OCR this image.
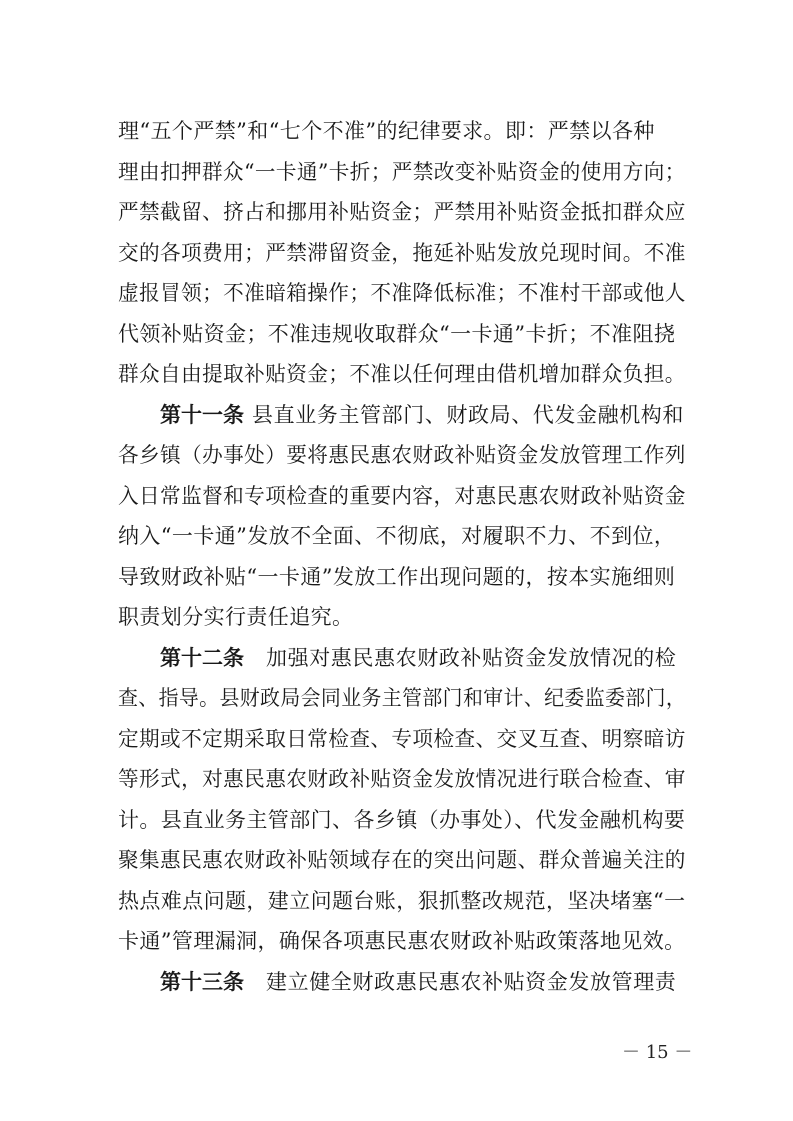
理“五个严禁”和“七个不准”的纪律要求。即：严禁以各种
理由扣押群众“一卡通”卡折；严禁改变补贴资金的使用方向；
严禁截留、挤占和挪用补贴资金；严禁用补贴资金抵扣群众应
交的各项费用；严禁滞留资金，拖延补贴发放兑现时间。不准
虚报冒领；不准暗箱操作；不准降低标准；不准村干部或他人
代领补贴资金；不准违规收取群众“一卡通”卡折；不准阻挠
群众自由提取补贴资金；不准以任何理由借机增加群众负担。
第十一条 县直业务主管部门、财政局、代发金融机构和
各乡镇（办事处）要将惠民惠农财政补贴资金发放管理工作列
入日常监督和专项检查的重要内容，对惠民惠农财政补贴资金
纳入“一卡通”发放不全面、不彻底，对履职不力、不到位，
导致财政补贴“一卡通”发放工作出现问题的，按本实施细则
职责划分实行责任追究。
第十二条 加强对惠民惠农财政补贴资金发放情况的检
查、指导。县财政局会同业务主管部门和审计、纪委监委部门，
定期或不定期采取日常检查、专项检查、交叉互查、明察暗访
等形式，对惠民惠农财政补贴资金发放情况进行联合检查、审
计。县直业务主管部门、各乡镇（办事处）、代发金融机构要
聚集惠民惠农财政补贴领域存在的突出问题、群众普遍关注的
热点难点问题，建立问题台账，狠抓整改规范，坚决堵塞“一
卡通”管理漏洞，确保各项惠民惠农财政补贴政策落地见效。
第十三条 建立健全财政惠民惠农补贴资金发放管理责
－ 15 －
